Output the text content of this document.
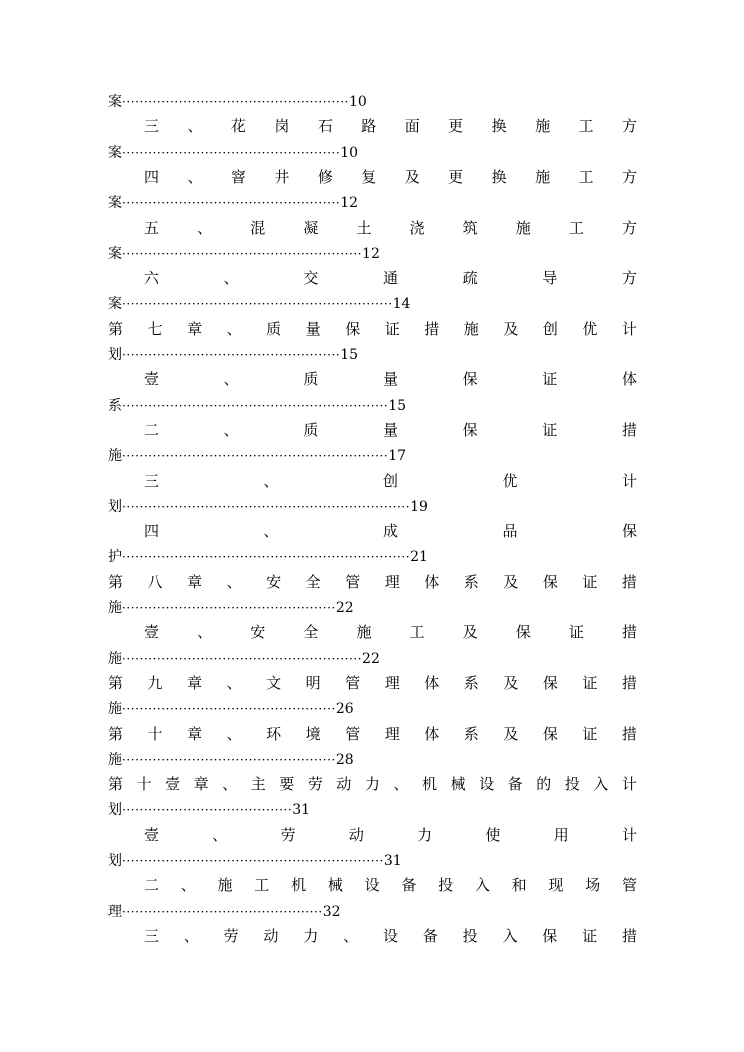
案····················································10
三 、 花 岗 石 路 面 更 换 施 工 方
案··················································10
四 、 窨 井 修 复 及 更 换 施 工 方
案··················································12
五	、	混	凝	土	浇	筑	施	工	方
案·······················································12
六	、	交	通	疏	导	方
案······························································14
第 七 章 、 质 量 保 证 措 施 及 创 优 计
划··················································15
壹	、	质	量	保	证	体
系·····························································15
二	、	质	量	保	证	措
施·····························································17
三	、	创	优	计
划··································································19
四	、	成	品	保
护··································································21
第 八 章 、 安 全 管 理 体 系 及 保 证 措
施·················································22
壹	、	安	全	施	工	及	保	证	措
施·······················································22
第 九 章 、 文 明 管 理 体 系 及 保 证 措
施·················································26
第 十 章 、 环 境 管 理 体 系 及 保 证 措
施·················································28
第 十 壹 章 、 主 要 劳 动 力 、 机 械 设 备 的 投 入 计
划·······································31
壹	、	劳	动	力	使	用	计
划····························································31
二 、 施 工 机 械 设 备 投 入 和 现 场 管
理··············································32
三 、 劳 动 力 、 设 备 投 入 保 证 措
